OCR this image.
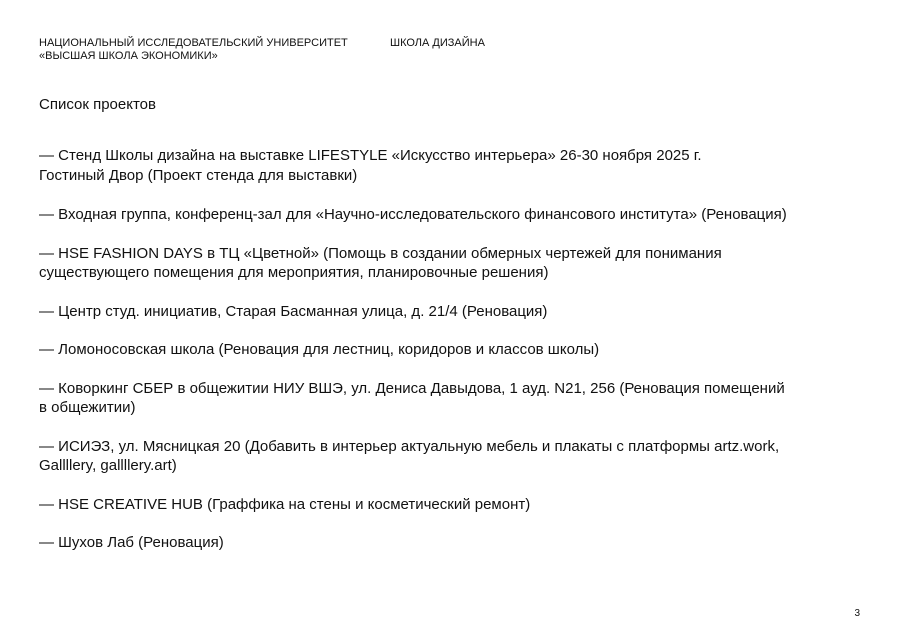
НАЦИОНАЛЬНЫЙ ИССЛЕДОВАТЕЛЬСКИЙ УНИВЕРСИТЕТ
«ВЫСШАЯ ШКОЛА ЭКОНОМИКИ»
ШКОЛА ДИЗАЙНА
Список проектов
— Стенд Школы дизайна на выставке LIFESTYLE «Искусство интерьера» 26-30 ноября 2025 г.
Гостиный Двор (Проект стенда для выставки)
— Входная группа, конференц-зал для «Научно-исследовательского финансового института» (Реновация)
— HSE FASHION DAYS в ТЦ «Цветной» (Помощь в создании обмерных чертежей для понимания
существующего помещения для мероприятия, планировочные решения)
— Центр студ. инициатив, Старая Басманная улица, д. 21/4 (Реновация)
— Ломоносовская школа (Реновация для лестниц, коридоров и классов школы)
— Коворкинг СБЕР в общежитии НИУ ВШЭ, ул. Дениса Давыдова, 1 ауд. N21, 256 (Реновация помещений
в общежитии)
— ИСИЭЗ, ул. Мясницкая 20 (Добавить в интерьер актуальную мебель и плакаты с платформы artz.work,
Gallllery, gallllery.art)
— HSE CREATIVE HUB (Граффика на стены и косметический ремонт)
— Шухов Лаб (Реновация)
3
